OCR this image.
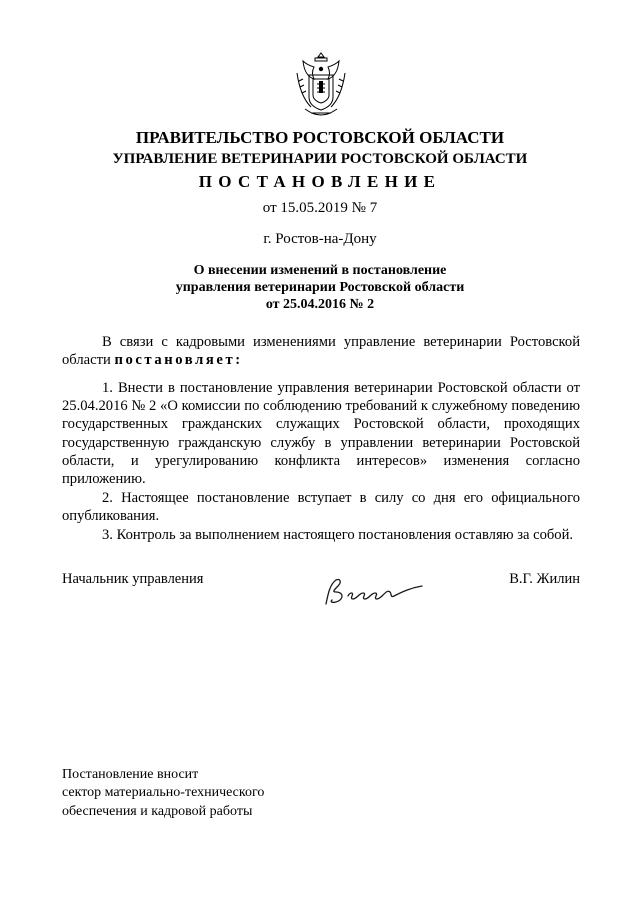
ПРАВИТЕЛЬСТВО РОСТОВСКОЙ ОБЛАСТИ
УПРАВЛЕНИЕ ВЕТЕРИНАРИИ РОСТОВСКОЙ ОБЛАСТИ
ПОСТАНОВЛЕНИЕ
от 15.05.2019 № 7
г. Ростов-на-Дону
О внесении изменений в постановление
управления ветеринарии Ростовской области
от 25.04.2016 № 2

В связи с кадровыми изменениями управление ветеринарии Ростовской области постановляет:

1. Внести в постановление управления ветеринарии Ростовской области от 25.04.2016 № 2 «О комиссии по соблюдению требований к служебному поведению государственных гражданских служащих Ростовской области, проходящих государственную гражданскую службу в управлении ветеринарии Ростовской области, и урегулированию конфликта интересов» изменения согласно приложению.

2. Настоящее постановление вступает в силу со дня его официального опубликования.

3. Контроль за выполнением настоящего постановления оставляю за собой.

Начальник управления	В.Г. Жилин
Постановление вносит
сектор материально-технического
обеспечения и кадровой работы
